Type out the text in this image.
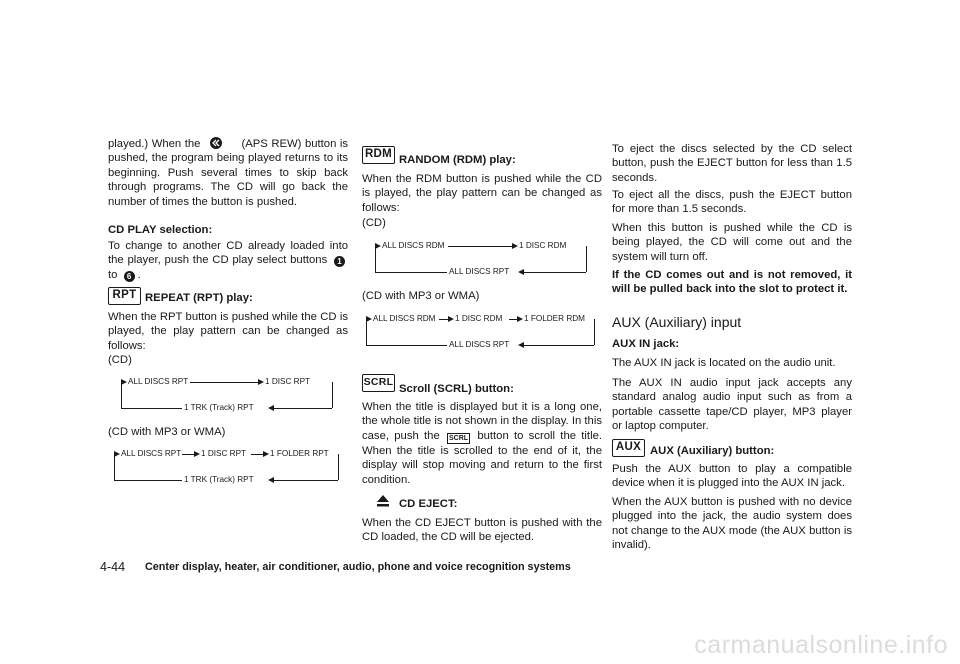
played.) When the	(APS REW) button is pushed, the program being played returns to its beginning. Push several times to skip back through programs. The CD will go back the number of times the button is pushed.

CD PLAY selection:

To change to another CD already loaded into the player, push the CD play select buttons 1 to 6 .

RPT REPEAT (RPT) play:

When the RPT button is pushed while the CD is played, the play pattern can be changed as follows:

(CD)
ALL DISCS RPT	1 DISC RPT
1 TRK (Track) RPT
(CD with MP3 or WMA)
ALL DISCS RPT 1 DISC RPT	1 FOLDER RPT
1 TRK (Track) RPT
RDM RANDOM (RDM) play:

When the RDM button is pushed while the CD is played, the play pattern can be changed as follows:

(CD)
ALL DISCS RDM	1 DISC RDM
ALL DISCS RPT
(CD with MP3 or WMA)
ALL DISCS RDM 1 DISC RDM	1 FOLDER RDM
ALL DISCS RPT
SCRL
Scroll (SCRL) button:

When the title is displayed but it is a long one, the whole title is not shown in the display. In this case, push the SCRL button to scroll the title. When the title is scrolled to the end of it, the display will stop moving and return to the first condition.

CD EJECT:

When the CD EJECT button is pushed with the CD loaded, the CD will be ejected.

To eject the discs selected by the CD select button, push the EJECT button for less than 1.5 seconds.

To eject all the discs, push the EJECT button for more than 1.5 seconds.

When this button is pushed while the CD is being played, the CD will come out and the system will turn off.

If the CD comes out and is not removed, it will be pulled back into the slot to protect it.

AUX (Auxiliary) input
AUX IN jack:

The AUX IN jack is located on the audio unit.

The AUX IN audio input jack accepts any standard analog audio input such as from a portable cassette tape/CD player, MP3 player or laptop computer.

AUX AUX (Auxiliary) button:

Push the AUX button to play a compatible device when it is plugged into the AUX IN jack.

When the AUX button is pushed with no device plugged into the jack, the audio system does not change to the AUX mode (the AUX button is invalid).

4-44 Center display, heater, air conditioner, audio, phone and voice recognition systems
carmanualsonline.info
